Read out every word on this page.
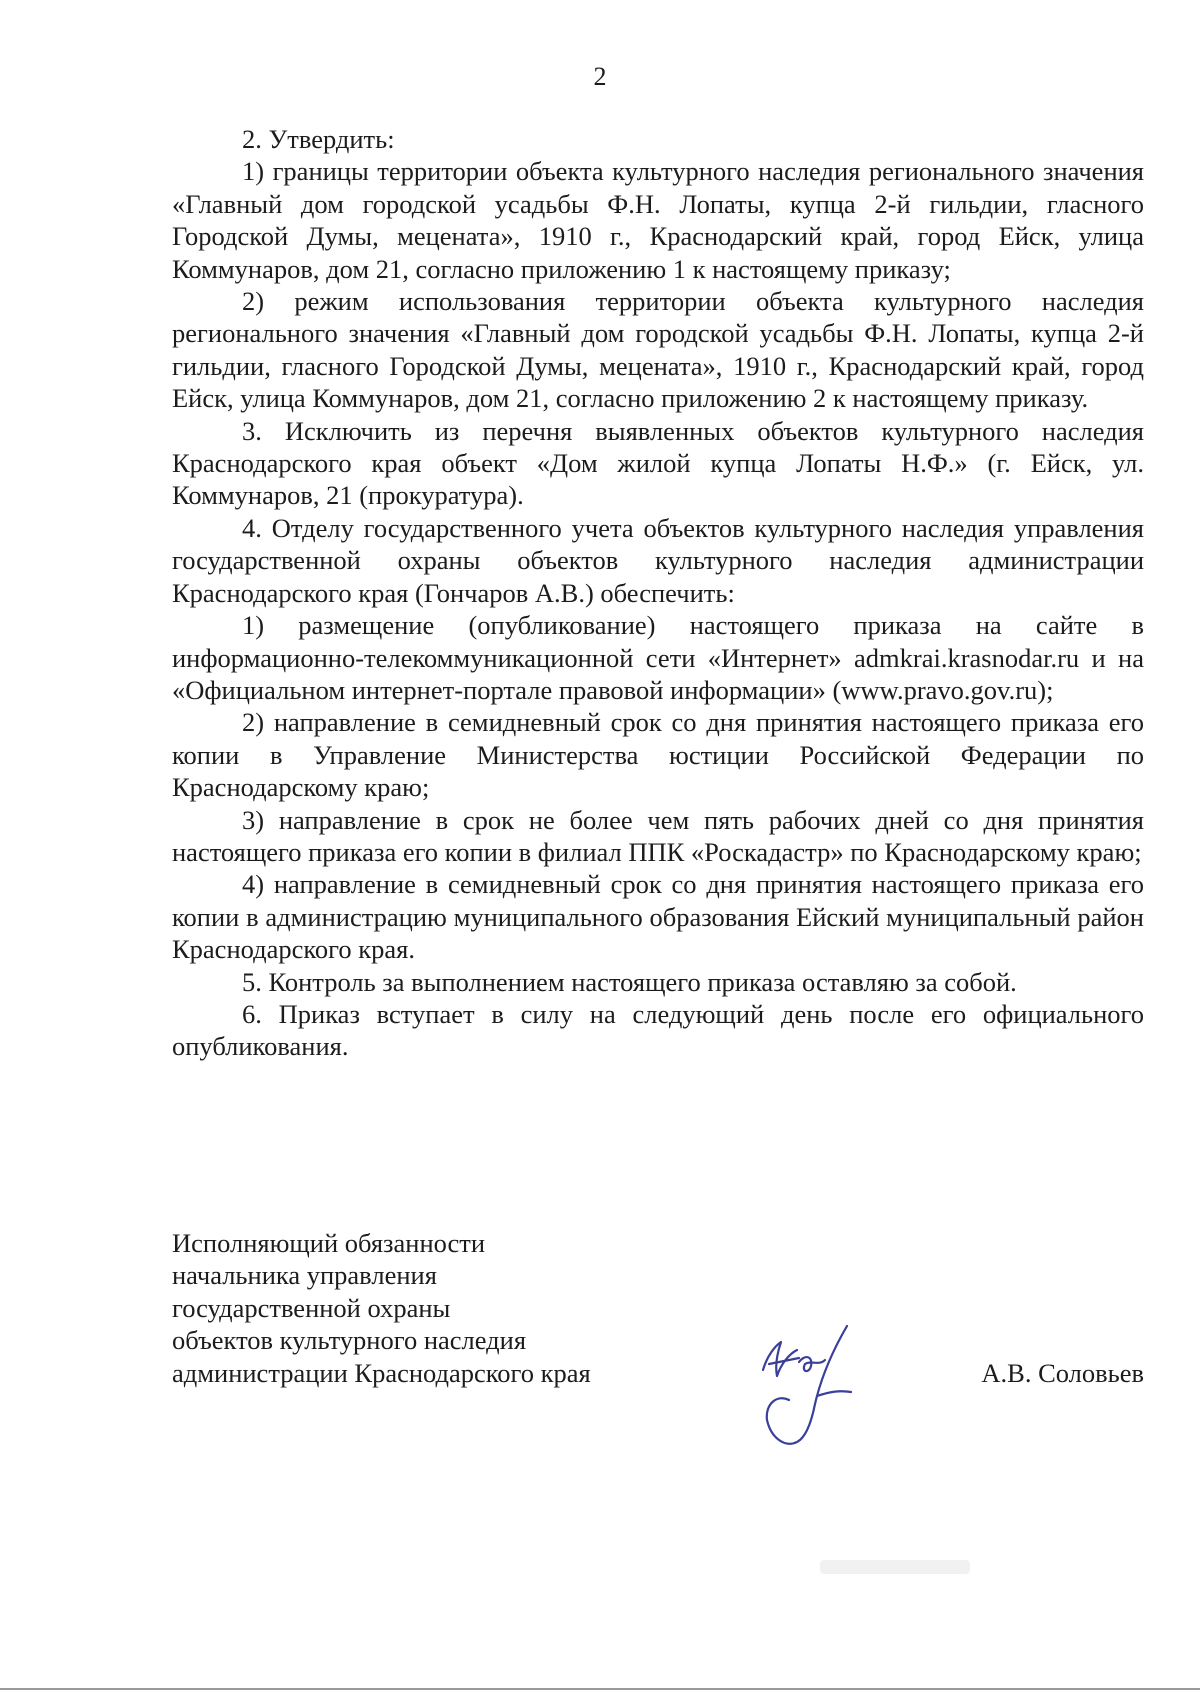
2

2. Утвердить:

1) границы территории объекта культурного наследия регионального значения «Главный дом городской усадьбы Ф.Н. Лопаты, купца 2-й гильдии, гласного Городской Думы, мецената», 1910 г., Краснодарский край, город Ейск, улица Коммунаров, дом 21, согласно приложению 1 к настоящему приказу;

2) режим использования территории объекта культурного наследия регионального значения «Главный дом городской усадьбы Ф.Н. Лопаты, купца 2-й гильдии, гласного Городской Думы, мецената», 1910 г., Краснодарский край, город Ейск, улица Коммунаров, дом 21, согласно приложению 2 к настоящему приказу.

3. Исключить из перечня выявленных объектов культурного наследия Краснодарского края объект «Дом жилой купца Лопаты Н.Ф.» (г. Ейск, ул. Коммунаров, 21 (прокуратура).

4. Отделу государственного учета объектов культурного наследия управления государственной охраны объектов культурного наследия администрации Краснодарского края (Гончаров А.В.) обеспечить:

1) размещение (опубликование) настоящего приказа на сайте в информационно-телекоммуникационной сети «Интернет» admkrai.krasnodar.ru и на «Официальном интернет-портале правовой информации» (www.pravo.gov.ru);

2) направление в семидневный срок со дня принятия настоящего приказа его копии в Управление Министерства юстиции Российской Федерации по Краснодарскому краю;

3) направление в срок не более чем пять рабочих дней со дня принятия настоящего приказа его копии в филиал ППК «Роскадастр» по Краснодарскому краю;

4) направление в семидневный срок со дня принятия настоящего приказа его копии в администрацию муниципального образования Ейский муниципальный район Краснодарского края.

5. Контроль за выполнением настоящего приказа оставляю за собой.

6. Приказ вступает в силу на следующий день после его официального опубликования.

Исполняющий обязанности
начальника управления
государственной охраны
объектов культурного наследия
администрации Краснодарского края	А.В. Соловьев
